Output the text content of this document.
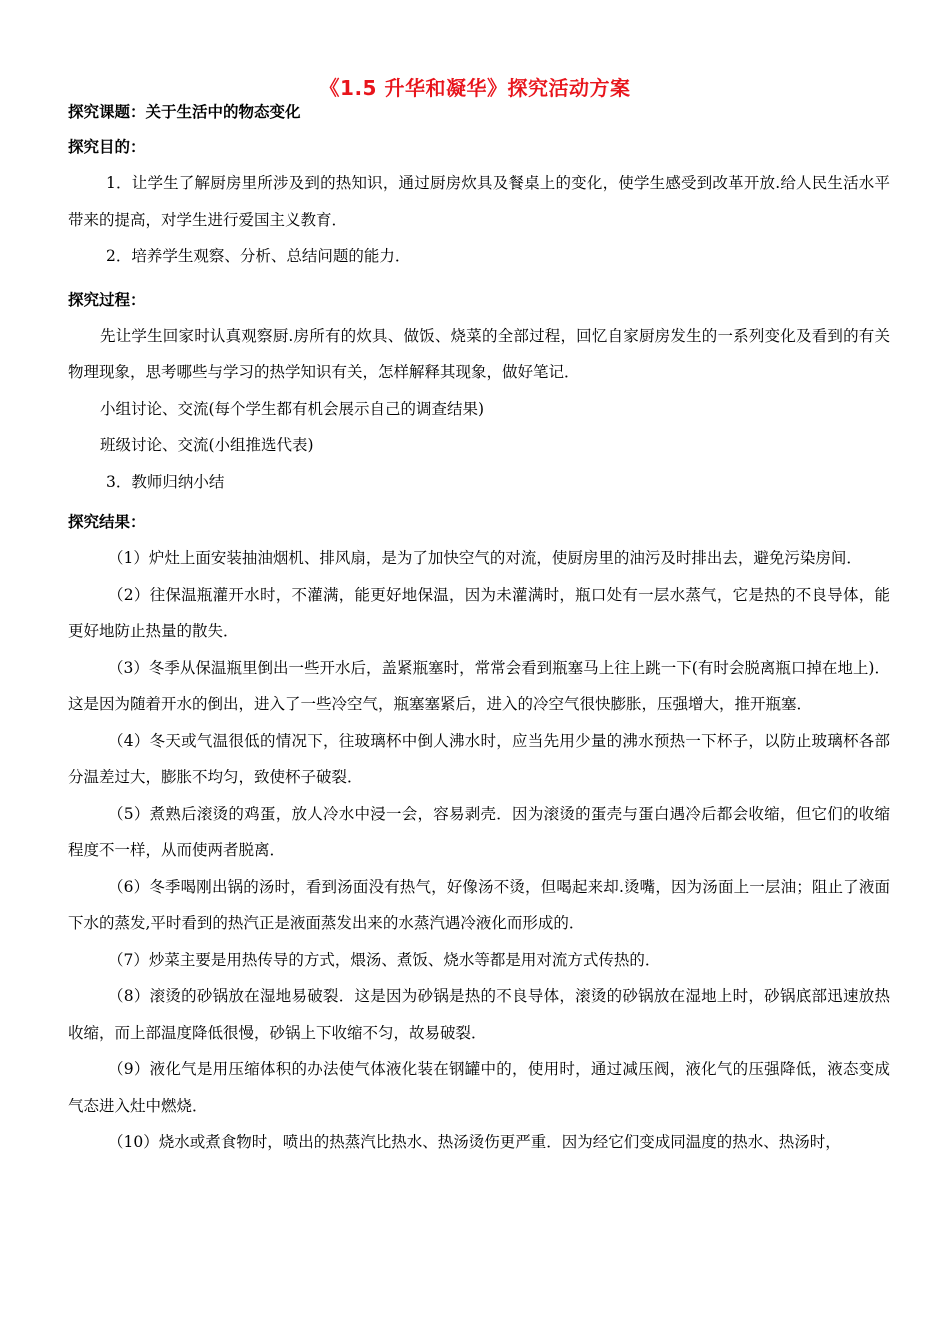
《1.5 升华和凝华》探究活动方案
探究课题：关于生活中的物态变化
探究目的：

1．让学生了解厨房里所涉及到的热知识，通过厨房炊具及餐桌上的变化，使学生感受到改革开放.给人民生活水平带来的提高，对学生进行爱国主义教育．

2．培养学生观察、分析、总结问题的能力．

探究过程：

先让学生回家时认真观察厨.房所有的炊具、做饭、烧菜的全部过程，回忆自家厨房发生的一系列变化及看到的有关物理现象，思考哪些与学习的热学知识有关，怎样解释其现象，做好笔记．

小组讨论、交流(每个学生都有机会展示自己的调查结果)

班级讨论、交流(小组推选代表)

3．教师归纳小结

探究结果：

（1）炉灶上面安装抽油烟机、排风扇，是为了加快空气的对流，使厨房里的油污及时排出去，避免污染房间．

（2）往保温瓶灌开水时，不灌满，能更好地保温，因为未灌满时，瓶口处有一层水蒸气，它是热的不良导体，能更好地防止热量的散失．

（3）冬季从保温瓶里倒出一些开水后，盖紧瓶塞时，常常会看到瓶塞马上往上跳一下(有时会脱离瓶口掉在地上)．这是因为随着开水的倒出，进入了一些冷空气，瓶塞塞紧后，进入的冷空气很快膨胀，压强增大，推开瓶塞．

（4）冬天或气温很低的情况下，往玻璃杯中倒人沸水时，应当先用少量的沸水预热一下杯子，以防止玻璃杯各部分温差过大，膨胀不均匀，致使杯子破裂．

（5）煮熟后滚烫的鸡蛋，放人冷水中浸一会，容易剥壳．因为滚烫的蛋壳与蛋白遇冷后都会收缩，但它们的收缩程度不一样，从而使两者脱离．

（6）冬季喝刚出锅的汤时，看到汤面没有热气，好像汤不烫，但喝起来却.烫嘴，因为汤面上一层油；阻止了液面下水的蒸发,平时看到的热汽正是液面蒸发出来的水蒸汽遇冷液化而形成的．

（7）炒菜主要是用热传导的方式，煨汤、煮饭、烧水等都是用对流方式传热的．

（8）滚烫的砂锅放在湿地易破裂．这是因为砂锅是热的不良导体，滚烫的砂锅放在湿地上时，砂锅底部迅速放热收缩，而上部温度降低很慢，砂锅上下收缩不匀，故易破裂．

（9）液化气是用压缩体积的办法使气体液化装在钢罐中的，使用时，通过减压阀，液化气的压强降低，液态变成气态进入灶中燃烧．

（10）烧水或煮食物时，喷出的热蒸汽比热水、热汤烫伤更严重．因为经它们变成同温度的热水、热汤时，
